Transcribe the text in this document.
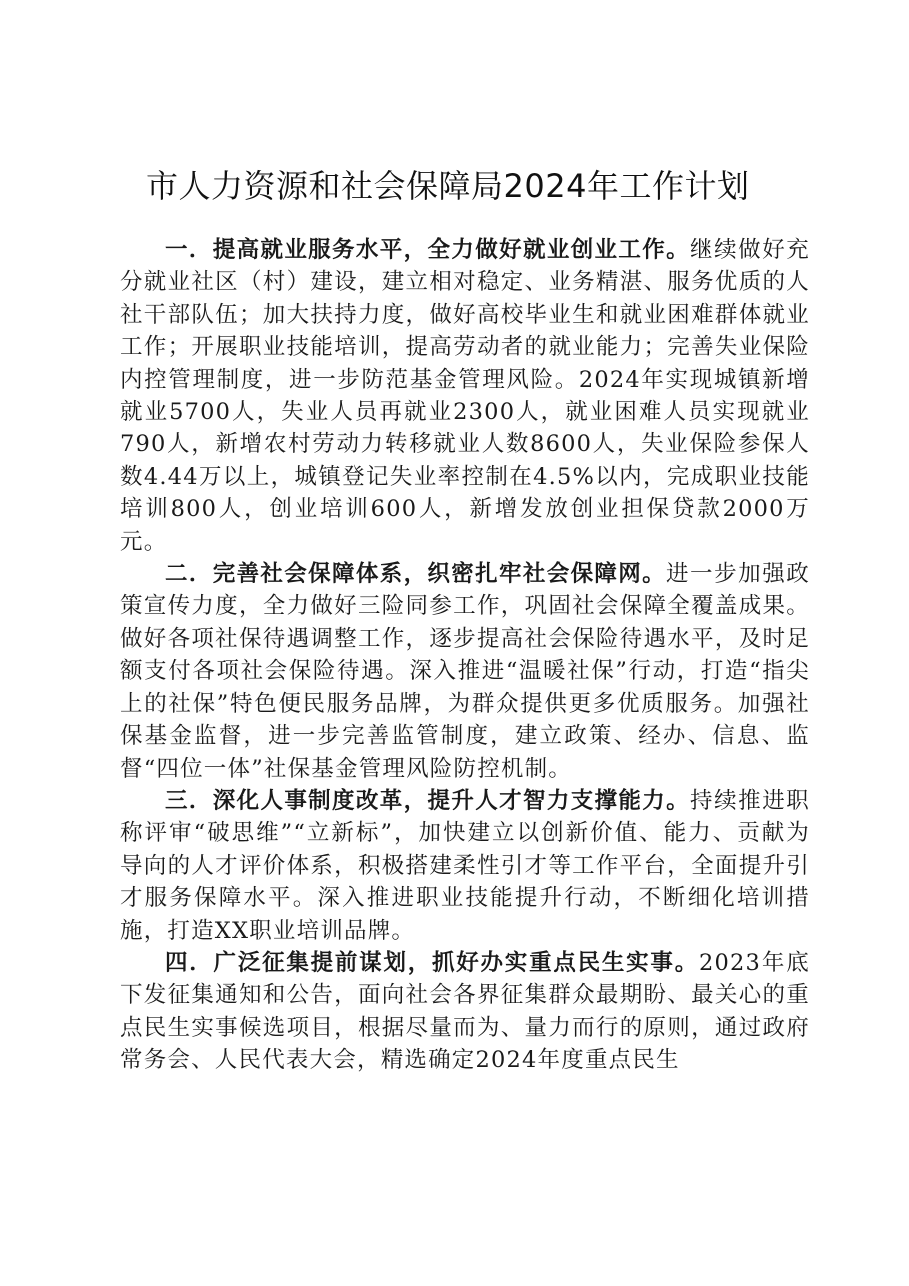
市人力资源和社会保障局2024年工作计划

一．提高就业服务水平，全力做好就业创业工作。继续做好充分就业社区（村）建设，建立相对稳定、业务精湛、服务优质的人社干部队伍；加大扶持力度，做好高校毕业生和就业困难群体就业工作；开展职业技能培训，提高劳动者的就业能力；完善失业保险内控管理制度，进一步防范基金管理风险。2024年实现城镇新增就业5700人，失业人员再就业2300人，就业困难人员实现就业790人，新增农村劳动力转移就业人数8600人，失业保险参保人数4.44万以上，城镇登记失业率控制在4.5%以内，完成职业技能培训800人，创业培训600人，新增发放创业担保贷款2000万元。

二．完善社会保障体系，织密扎牢社会保障网。进一步加强政策宣传力度，全力做好三险同参工作，巩固社会保障全覆盖成果。做好各项社保待遇调整工作，逐步提高社会保险待遇水平，及时足额支付各项社会保险待遇。深入推进“温暖社保”行动，打造“指尖上的社保”特色便民服务品牌，为群众提供更多优质服务。加强社保基金监督，进一步完善监管制度，建立政策、经办、信息、监督“四位一体”社保基金管理风险防控机制。

三．深化人事制度改革，提升人才智力支撑能力。持续推进职称评审“破思维”“立新标”，加快建立以创新价值、能力、贡献为导向的人才评价体系，积极搭建柔性引才等工作平台，全面提升引才服务保障水平。深入推进职业技能提升行动，不断细化培训措施，打造XX职业培训品牌。

四．广泛征集提前谋划，抓好办实重点民生实事。2023年底下发征集通知和公告，面向社会各界征集群众最期盼、最关心的重点民生实事候选项目，根据尽量而为、量力而行的原则，通过政府常务会、人民代表大会，精选确定2024年度重点民生
